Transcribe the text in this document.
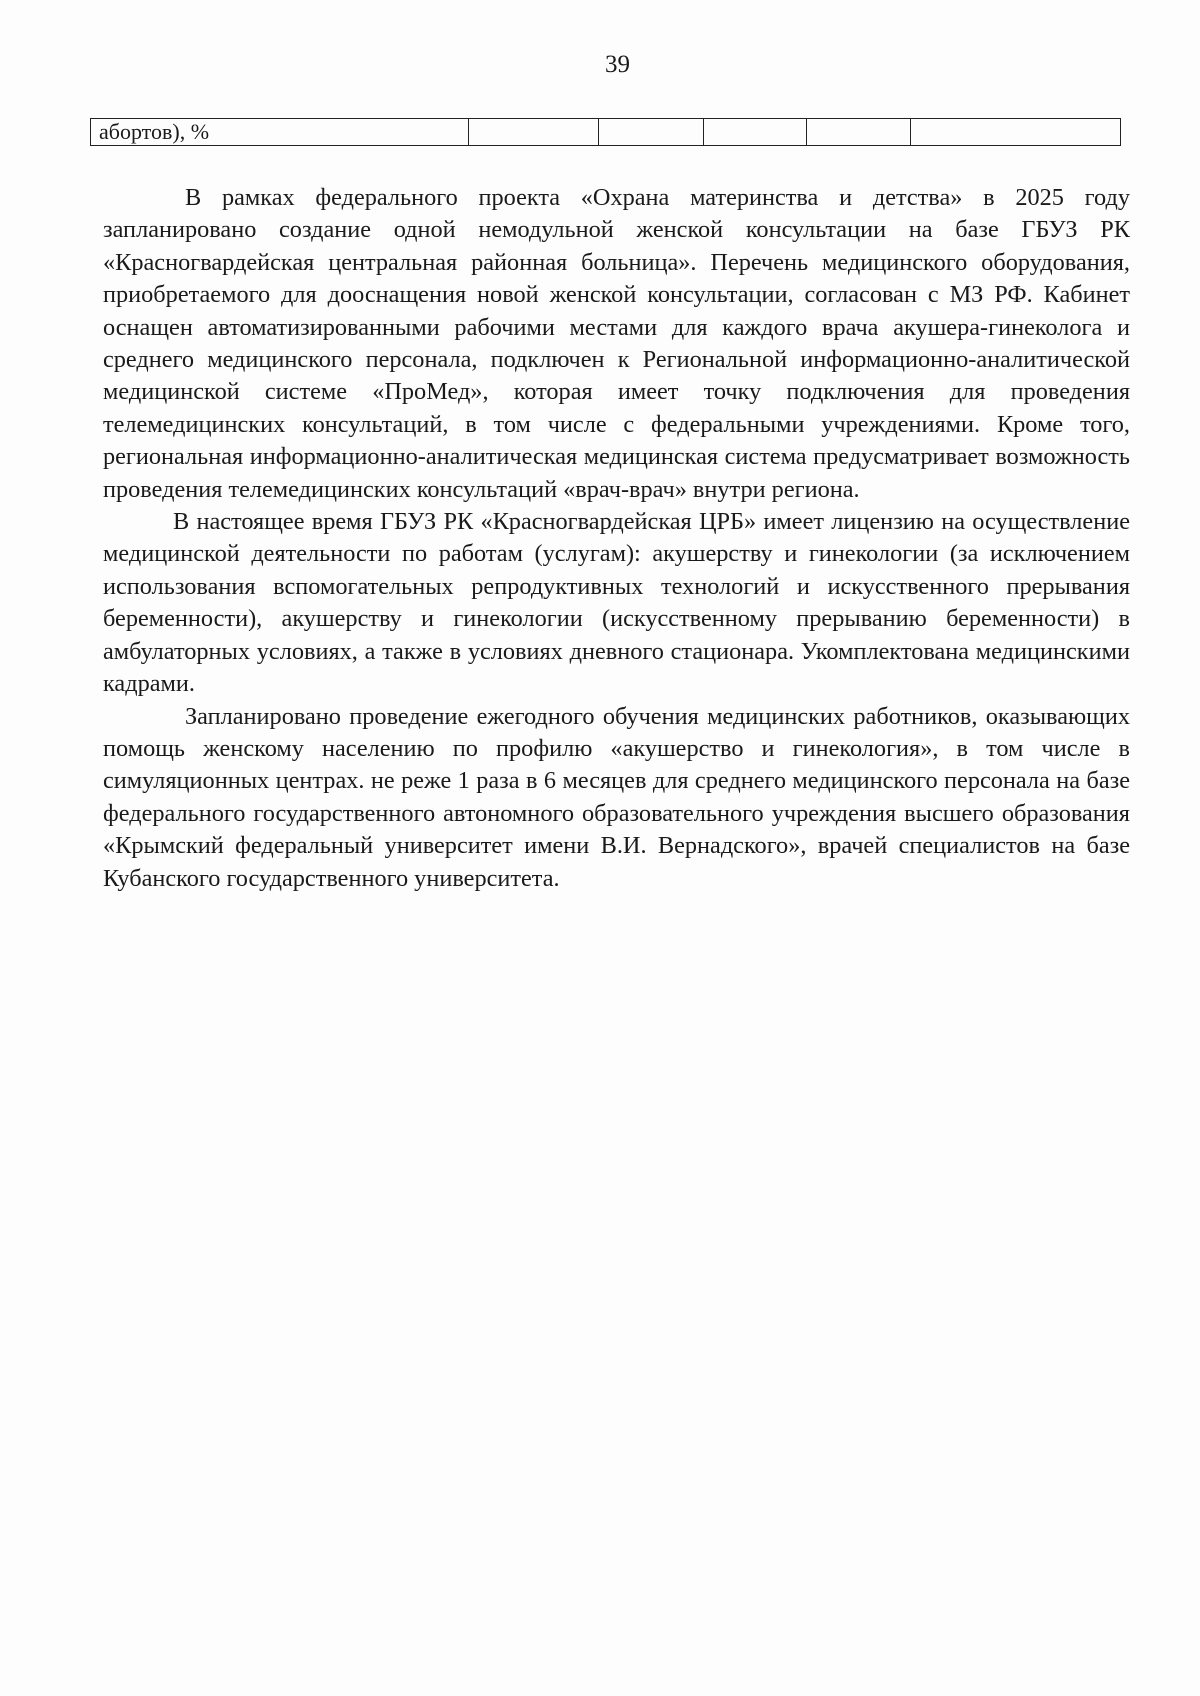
39
абортов), %					

В рамках федерального проекта «Охрана материнства и детства» в 2025 году запланировано создание одной немодульной женской консультации на базе ГБУЗ РК «Красногвардейская центральная районная больница». Перечень медицинского оборудования, приобретаемого для дооснащения новой женской консультации, согласован с МЗ РФ. Кабинет оснащен автоматизированными рабочими местами для каждого врача акушера-гинеколога и среднего медицинского персонала, подключен к Региональной информационно-аналитической медицинской системе «ПроМед», которая имеет точку подключения для проведения телемедицинских консультаций, в том числе с федеральными учреждениями. Кроме того, региональная информационно-аналитическая медицинская система предусматривает возможность проведения телемедицинских консультаций «врач-врач» внутри региона.

В настоящее время ГБУЗ РК «Красногвардейская ЦРБ» имеет лицензию на осуществление медицинской деятельности по работам (услугам): акушерству и гинекологии (за исключением использования вспомогательных репродуктивных технологий и искусственного прерывания беременности), акушерству и гинекологии (искусственному прерыванию беременности) в амбулаторных условиях, а также в условиях дневного стационара. Укомплектована медицинскими кадрами.

Запланировано проведение ежегодного обучения медицинских работников, оказывающих помощь женскому населению по профилю «акушерство и гинекология», в том числе в симуляционных центрах. не реже 1 раза в 6 месяцев для среднего медицинского персонала на базе федерального государственного автономного образовательного учреждения высшего образования «Крымский федеральный университет имени В.И. Вернадского», врачей специалистов на базе Кубанского государственного университета.
